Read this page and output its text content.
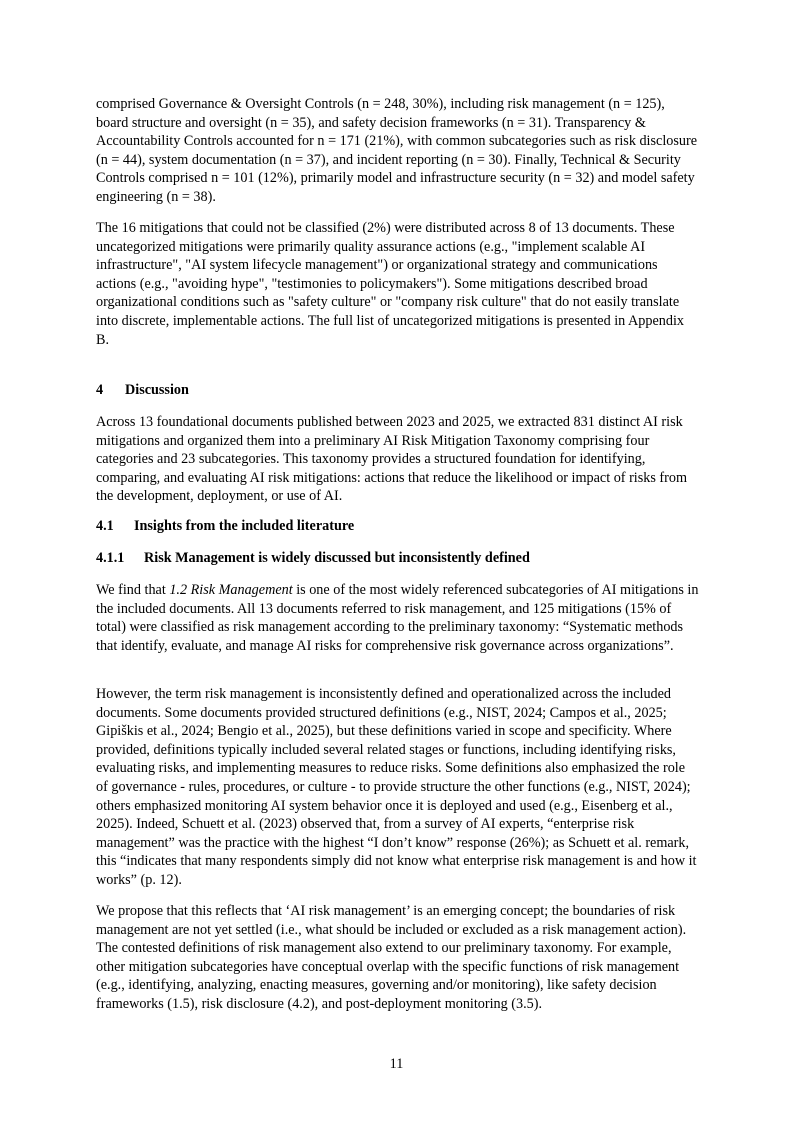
comprised Governance & Oversight Controls (n = 248, 30%), including risk management (n = 125), board structure and oversight (n = 35), and safety decision frameworks (n = 31). Transparency & Accountability Controls accounted for n = 171 (21%), with common subcategories such as risk disclosure (n = 44), system documentation (n = 37), and incident reporting (n = 30). Finally, Technical & Security Controls comprised n = 101 (12%), primarily model and infrastructure security (n = 32) and model safety engineering (n = 38).

The 16 mitigations that could not be classified (2%) were distributed across 8 of 13 documents. These uncategorized mitigations were primarily quality assurance actions (e.g., "implement scalable AI infrastructure", "AI system lifecycle management") or organizational strategy and communications actions (e.g., "avoiding hype", "testimonies to policymakers"). Some mitigations described broad organizational conditions such as "safety culture" or "company risk culture" that do not easily translate into discrete, implementable actions. The full list of uncategorized mitigations is presented in Appendix B.

4 Discussion

Across 13 foundational documents published between 2023 and 2025, we extracted 831 distinct AI risk mitigations and organized them into a preliminary AI Risk Mitigation Taxonomy comprising four categories and 23 subcategories. This taxonomy provides a structured foundation for identifying, comparing, and evaluating AI risk mitigations: actions that reduce the likelihood or impact of risks from the development, deployment, or use of AI.

4.1 Insights from the included literature
4.1.1 Risk Management is widely discussed but inconsistently defined

We find that 1.2 Risk Management is one of the most widely referenced subcategories of AI mitigations in the included documents. All 13 documents referred to risk management, and 125 mitigations (15% of total) were classified as risk management according to the preliminary taxonomy: “Systematic methods that identify, evaluate, and manage AI risks for comprehensive risk governance across organizations”.

However, the term risk management is inconsistently defined and operationalized across the included documents. Some documents provided structured definitions (e.g., NIST, 2024; Campos et al., 2025; Gipiškis et al., 2024; Bengio et al., 2025), but these definitions varied in scope and specificity. Where provided, definitions typically included several related stages or functions, including identifying risks, evaluating risks, and implementing measures to reduce risks. Some definitions also emphasized the role of governance - rules, procedures, or culture - to provide structure the other functions (e.g., NIST, 2024); others emphasized monitoring AI system behavior once it is deployed and used (e.g., Eisenberg et al., 2025). Indeed, Schuett et al. (2023) observed that, from a survey of AI experts, “enterprise risk management” was the practice with the highest “I don’t know” response (26%); as Schuett et al. remark, this “indicates that many respondents simply did not know what enterprise risk management is and how it works” (p. 12).

We propose that this reflects that ‘AI risk management’ is an emerging concept; the boundaries of risk management are not yet settled (i.e., what should be included or excluded as a risk management action). The contested definitions of risk management also extend to our preliminary taxonomy. For example, other mitigation subcategories have conceptual overlap with the specific functions of risk management (e.g., identifying, analyzing, enacting measures, governing and/or monitoring), like safety decision frameworks (1.5), risk disclosure (4.2), and post-deployment monitoring (3.5).

11
